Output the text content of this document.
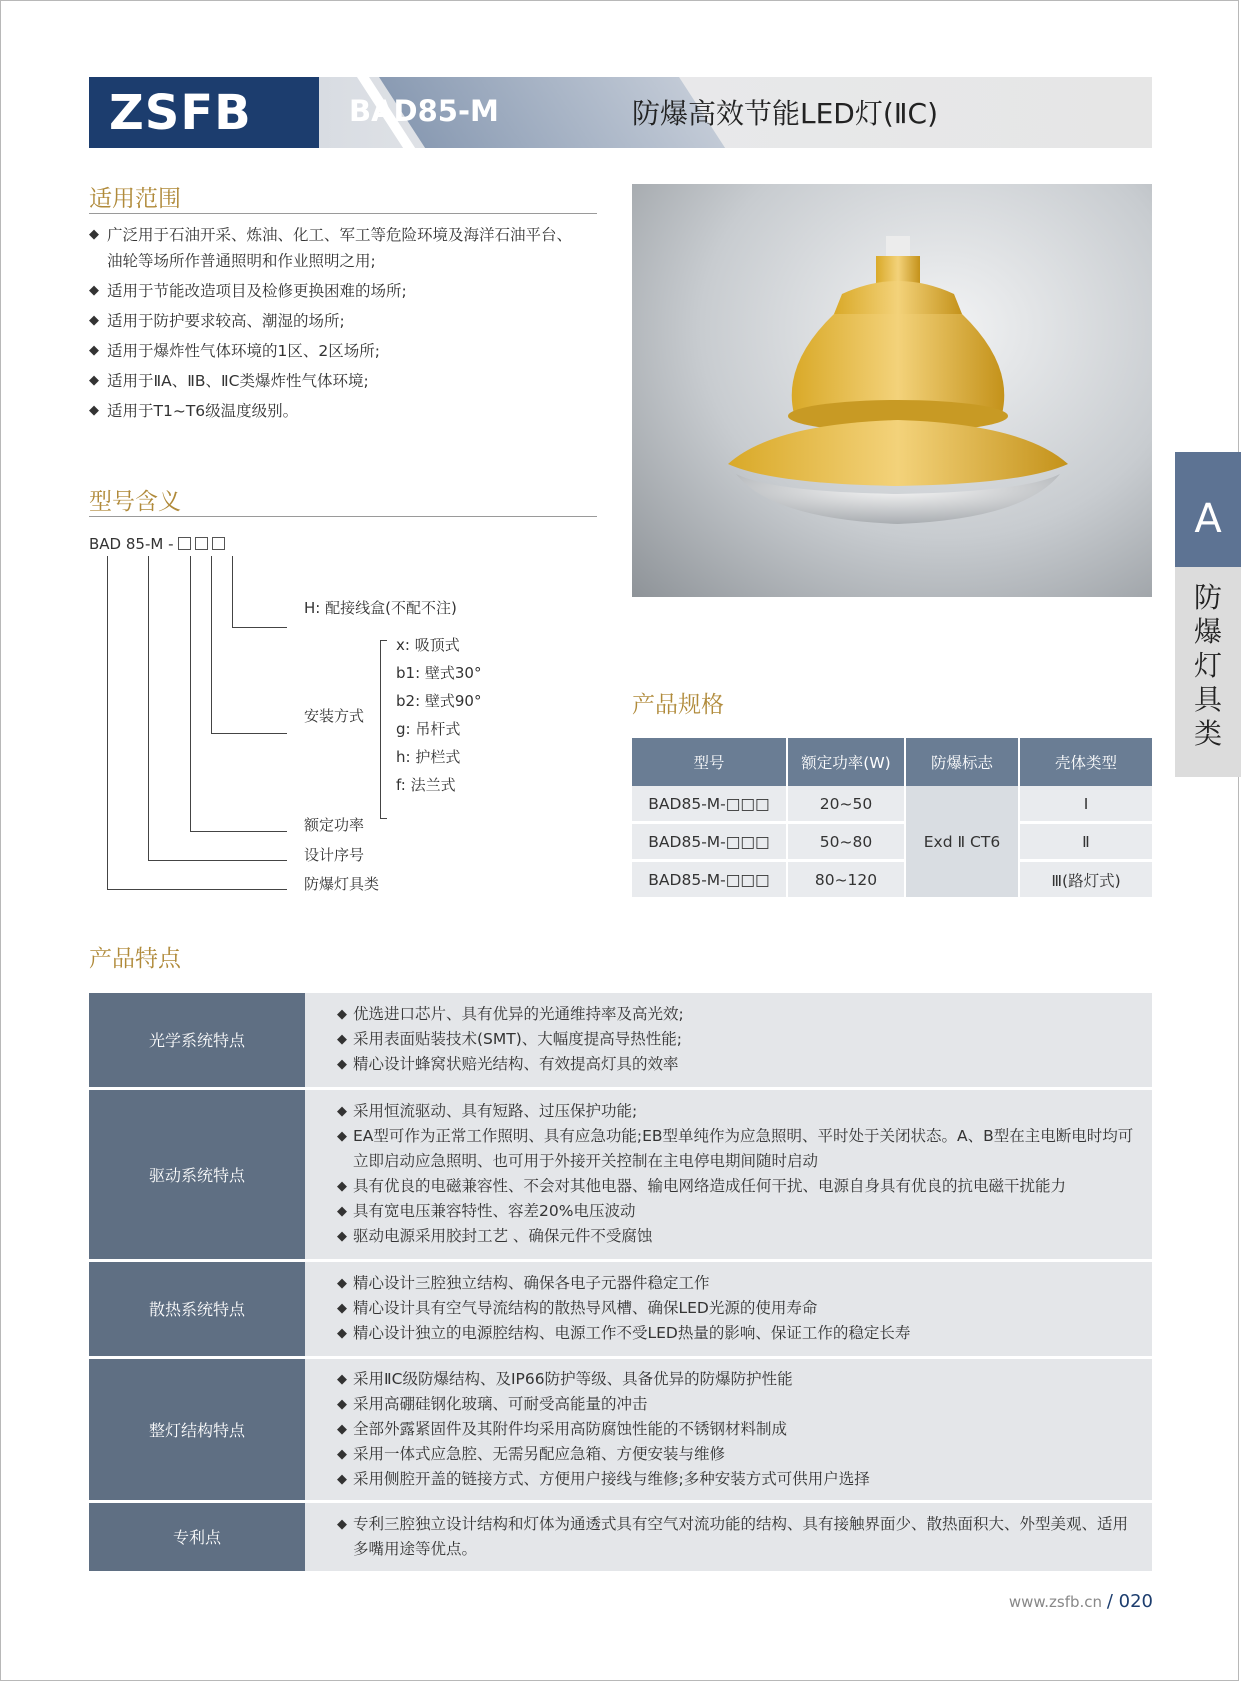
ZSFB	BAD85-M	防爆高效节能LED灯(ⅡC)
适用范围
◆ 广泛用于石油开采、炼油、化工、军工等危险环境及海洋石油平台、油轮等场所作普通照明和作业照明之用;
◆ 适用于节能改造项目及检修更换困难的场所;
◆ 适用于防护要求较高、潮湿的场所;
◆ 适用于爆炸性气体环境的1区、2区场所;
◆ 适用于ⅡA、ⅡB、ⅡC类爆炸性气体环境;
◆ 适用于T1~T6级温度级别。
型号含义
BAD 85-M -
H: 配接线盒(不配不注)
安装方式
x: 吸顶式
b1: 壁式30°
b2: 壁式90°
g: 吊杆式
h: 护栏式
f: 法兰式
额定功率
设计序号
防爆灯具类
A
防
爆
灯
具
类
产品规格
型号	额定功率(W)	防爆标志	壳体类型
BAD85-M-□□□	20~50	Exd Ⅱ CT6	Ⅰ
BAD85-M-□□□	50~80		Ⅱ
BAD85-M-□□□	80~120		Ⅲ(路灯式)
产品特点
光学系统特点	◆ 优选进口芯片、具有优异的光通维持率及高光效;
◆ 采用表面贴装技术(SMT)、大幅度提高导热性能;
◆ 精心设计蜂窝状赔光结构、有效提高灯具的效率

驱动系统特点	◆ 采用恒流驱动、具有短路、过压保护功能;
◆ EA型可作为正常工作照明、具有应急功能;EB型单纯作为应急照明、平时处于关闭状态。A、B型在主电断电时均可立即启动应急照明、也可用于外接开关控制在主电停电期间随时启动
◆ 具有优良的电磁兼容性、不会对其他电器、输电网络造成任何干扰、电源自身具有优良的抗电磁干扰能力
◆ 具有宽电压兼容特性、容差20%电压波动
◆ 驱动电源采用胶封工艺 、确保元件不受腐蚀

散热系统特点	◆ 精心设计三腔独立结构、确保各电子元器件稳定工作
◆ 精心设计具有空气导流结构的散热导风槽、确保LED光源的使用寿命
◆ 精心设计独立的电源腔结构、电源工作不受LED热量的影响、保证工作的稳定长寿

整灯结构特点	◆ 采用ⅡC级防爆结构、及IP66防护等级、具备优异的防爆防护性能
◆ 采用高硼硅钢化玻璃、可耐受高能量的冲击
◆ 全部外露紧固件及其附件均采用高防腐蚀性能的不锈钢材料制成
◆ 采用一体式应急腔、无需另配应急箱、方便安装与维修
◆ 采用侧腔开盖的链接方式、方便用户接线与维修;多种安装方式可供用户选择

专利点	◆ 专利三腔独立设计结构和灯体为通透式具有空气对流功能的结构、具有接触界面少、散热面积大、外型美观、适用多嘴用途等优点。
www.zsfb.cn / 020
